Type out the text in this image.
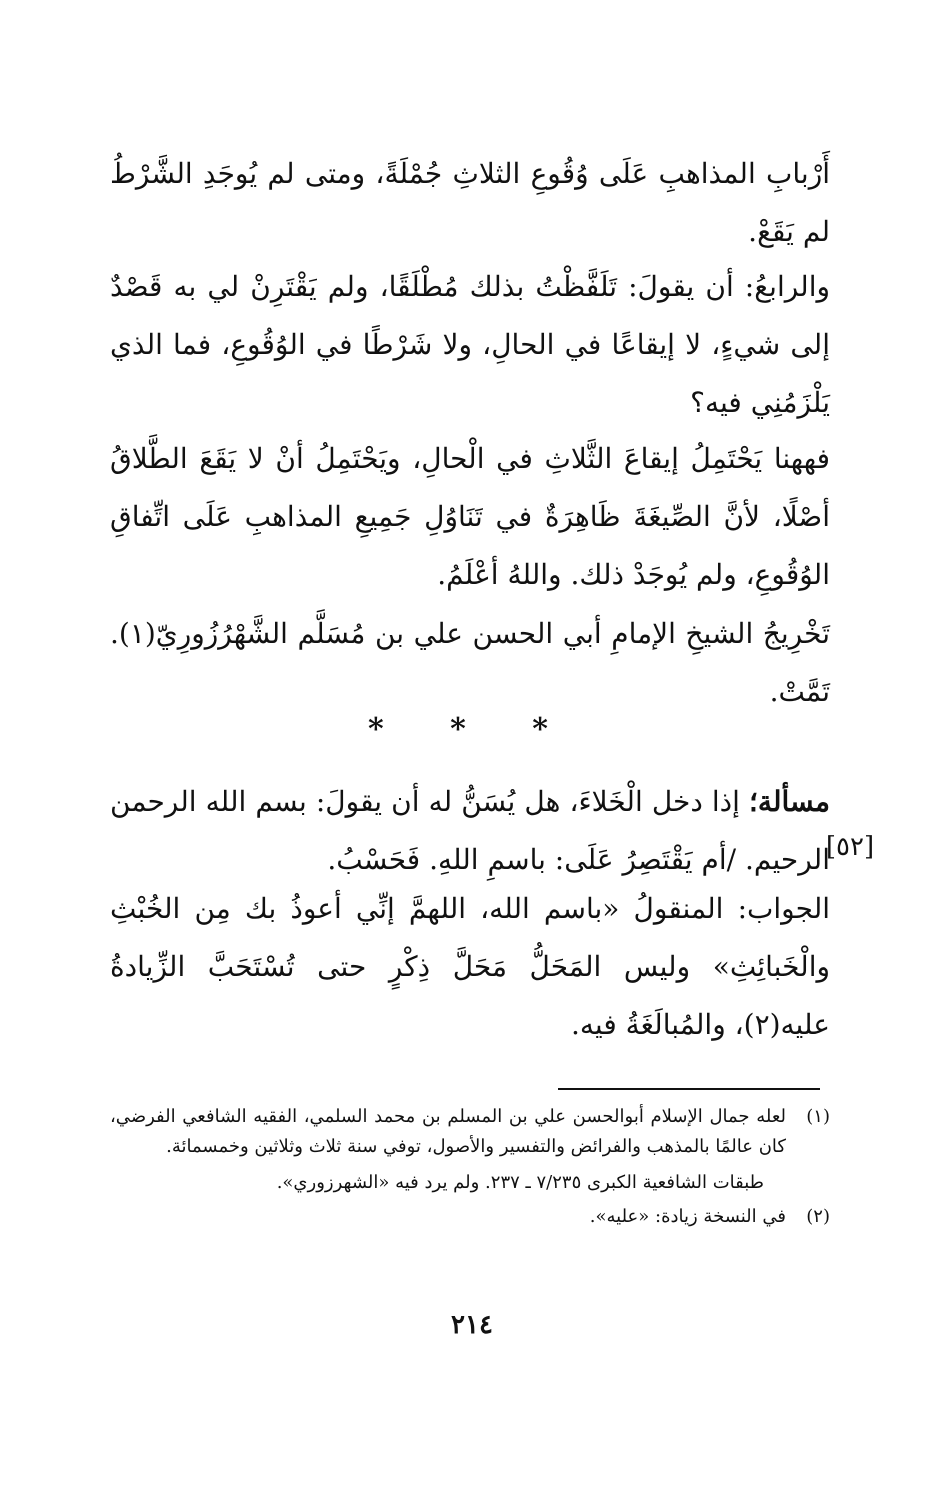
أَرْبابِ المذاهبِ عَلَى وُقُوعِ الثلاثِ جُمْلَةً، ومتى لم يُوجَدِ الشَّرْطُ لم يَقَعْ.

والرابعُ: أن يقولَ: تَلَفَّظْتُ بذلك مُطْلَقًا، ولم يَقْتَرِنْ لي به قَصْدٌ إلى شيءٍ، لا إيقاعًا في الحالِ، ولا شَرْطًا في الوُقُوعِ، فما الذي يَلْزَمُنِي فيه؟

فههنا يَحْتَمِلُ إيقاعَ الثَّلاثِ في الْحالِ، ويَحْتَمِلُ أنْ لا يَقَعَ الطَّلاقُ أصْلًا، لأنَّ الصِّيغَةَ ظَاهِرَةٌ في تَنَاوُلِ جَمِيعِ المذاهبِ عَلَى اتِّفاقِ الوُقُوعِ، ولم يُوجَدْ ذلك. واللهُ أعْلَمُ.

تَخْرِيجُ الشيخِ الإمامِ أبي الحسن علي بن مُسَلَّم الشَّهْرُزُورِيّ(١). تَمَّتْ.

* * *

مسألة؛ إذا دخل الْخَلاءَ، هل يُسَنُّ له أن يقولَ: بسم الله الرحمن الرحيم. /أم يَقْتَصِرُ عَلَى: باسمِ اللهِ. فَحَسْبُ.

[٥٢]

الجواب: المنقولُ «باسم الله، اللهمَّ إنِّي أعوذُ بك مِن الخُبْثِ والْخَبائِثِ» وليس المَحَلُّ مَحَلَّ ذِكْرٍ حتى تُسْتَحَبَّ الزِّيادةُ عليه(٢)، والمُبالَغَةُ فيه.

(١)
لعله جمال الإسلام أبوالحسن علي بن المسلم بن محمد السلمي، الفقيه الشافعي الفرضي، كان عالمًا بالمذهب والفرائض والتفسير والأصول، توفي سنة ثلاث وثلاثين وخمسمائة.
طبقات الشافعية الكبرى ٧/٢٣٥ ـ ٢٣٧. ولم يرد فيه «الشهرزوري».
(٢)
في النسخة زيادة: «عليه».
٢١٤
